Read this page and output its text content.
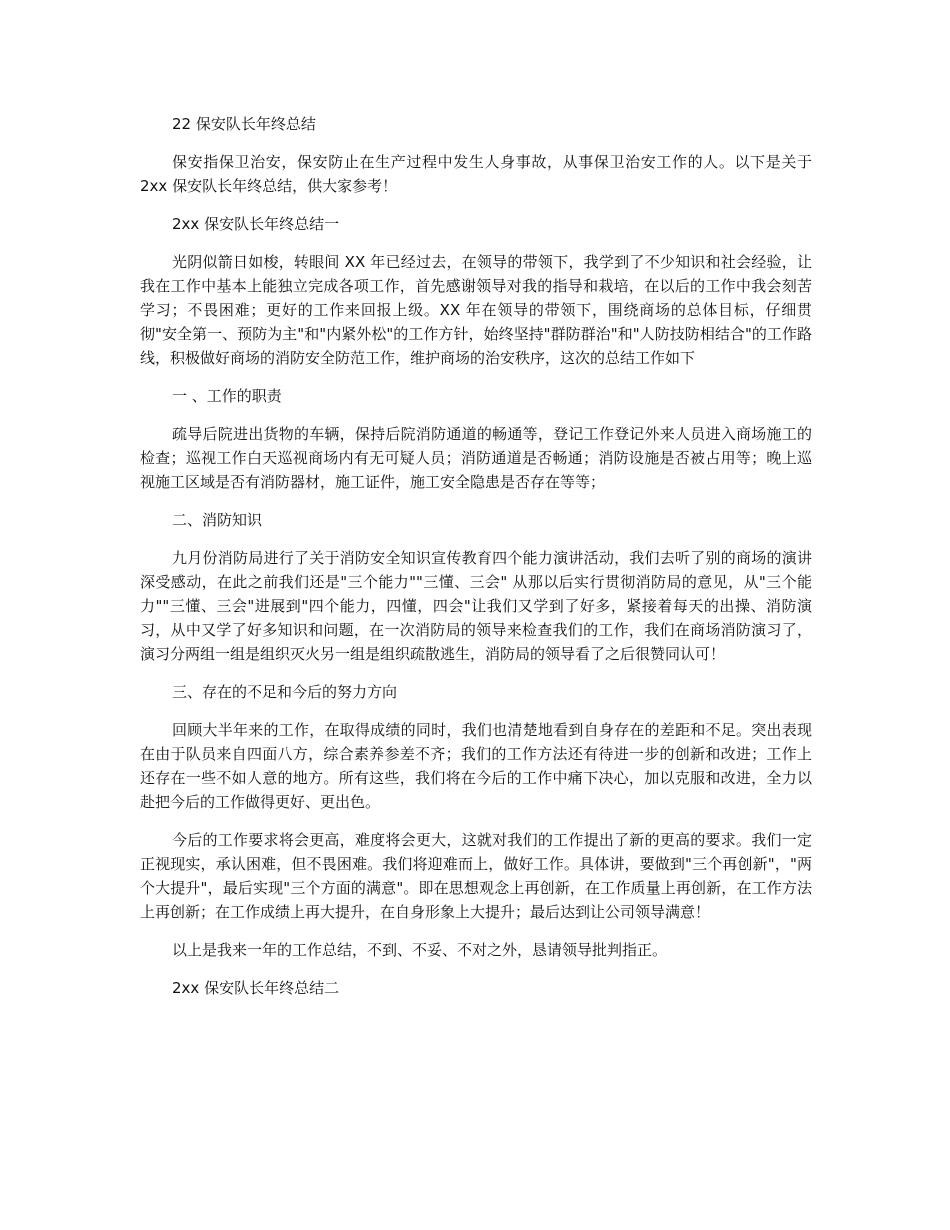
22 保安队长年终总结

保安指保卫治安，保安防止在生产过程中发生人身事故，从事保卫治安工作的人。以下是关于 2xx 保安队长年终总结，供大家参考！

2xx 保安队长年终总结一

光阴似箭日如梭，转眼间 XX 年已经过去，在领导的带领下，我学到了不少知识和社会经验，让我在工作中基本上能独立完成各项工作，首先感谢领导对我的指导和栽培，在以后的工作中我会刻苦学习；不畏困难；更好的工作来回报上级。XX 年在领导的带领下，围绕商场的总体目标，仔细贯彻"安全第一、预防为主"和"内紧外松"的工作方针，始终坚持"群防群治"和"人防技防相结合"的工作路线，积极做好商场的消防安全防范工作，维护商场的治安秩序，这次的总结工作如下

一 、工作的职责

疏导后院进出货物的车辆，保持后院消防通道的畅通等，登记工作登记外来人员进入商场施工的检查；巡视工作白天巡视商场内有无可疑人员；消防通道是否畅通；消防设施是否被占用等；晚上巡视施工区域是否有消防器材，施工证件，施工安全隐患是否存在等等；

二、消防知识

九月份消防局进行了关于消防安全知识宣传教育四个能力演讲活动，我们去听了别的商场的演讲深受感动，在此之前我们还是"三个能力""三懂、三会" 从那以后实行贯彻消防局的意见，从"三个能力""三懂、三会"进展到"四个能力，四懂，四会"让我们又学到了好多，紧接着每天的出操、消防演习，从中又学了好多知识和问题，在一次消防局的领导来检查我们的工作，我们在商场消防演习了，演习分两组一组是组织灭火另一组是组织疏散逃生，消防局的领导看了之后很赞同认可！

三、存在的不足和今后的努力方向

回顾大半年来的工作，在取得成绩的同时，我们也清楚地看到自身存在的差距和不足。突出表现在由于队员来自四面八方，综合素养参差不齐；我们的工作方法还有待进一步的创新和改进；工作上还存在一些不如人意的地方。所有这些，我们将在今后的工作中痛下决心，加以克服和改进，全力以赴把今后的工作做得更好、更出色。

今后的工作要求将会更高，难度将会更大，这就对我们的工作提出了新的更高的要求。我们一定正视现实，承认困难，但不畏困难。我们将迎难而上，做好工作。具体讲，要做到"三个再创新"，"两个大提升"，最后实现"三个方面的满意"。即在思想观念上再创新，在工作质量上再创新，在工作方法上再创新；在工作成绩上再大提升，在自身形象上大提升；最后达到让公司领导满意！

以上是我来一年的工作总结，不到、不妥、不对之外，恳请领导批判指正。

2xx 保安队长年终总结二
